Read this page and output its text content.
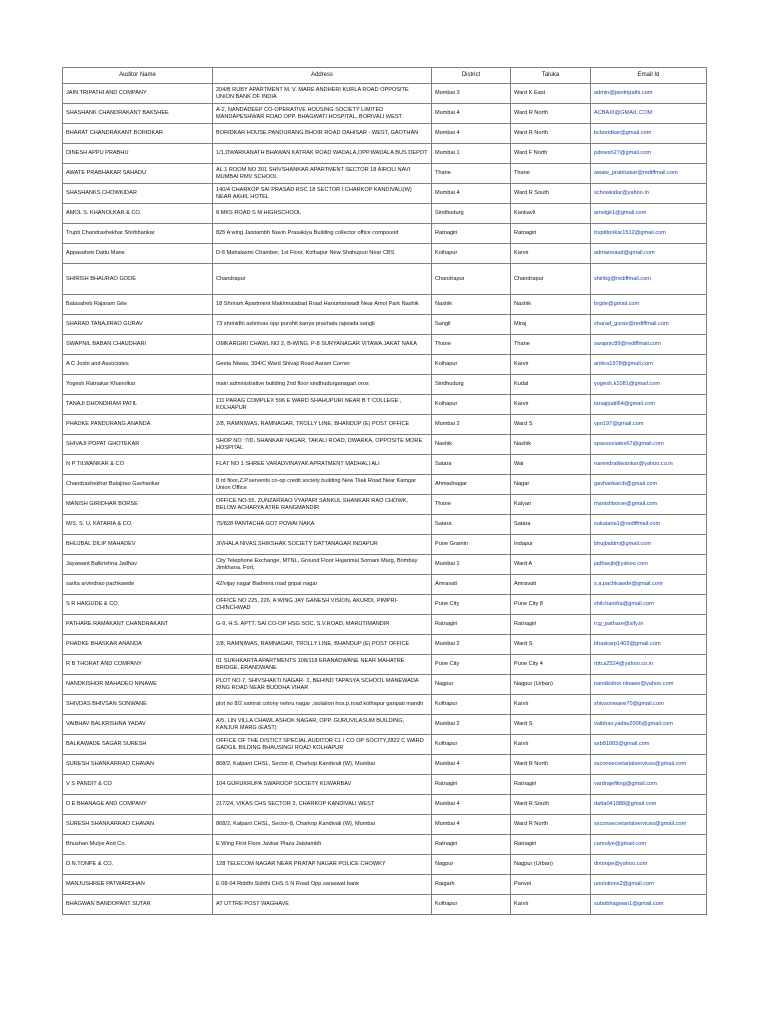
Auditor Name	Address	District	Taluka	Email Id
JAIN TRIPATHI AND COMPANY	204/B RUBY APARTMENT M. V. MARE ANDHERI KURLA ROAD OPPOSITE UNION BANK OF INDIA	Mumbai 3	Ward K East	admin@jaintripathi.com
SHASHANK CHANDRAKANT BAKSHEE	A-2, NANDADEEP CO-OPERATIVE HOUSING SOCIETY LIMITED MANDAPESHWAR ROAD OPP. BHAGWATI HOSPITAL, BORIVALI WEST	Mumbai 4	Ward R North	ACBAXI@GMAIL.COM
BHARAT CHANDRAKANT BORIDKAR	BORIDKAR HOUSE PANDURANG BHOIR ROAD DAHISAR - WEST, GAOTHAN	Mumbai 4	Ward R North	bcboridkar@gmail.com
DINESH APPU PRABHU	1/1,DWARKANATH BHAWAN KATRAK ROAD WADALA,OPP.WADALA BUS DEPOT	Mumbai 1	Ward F North	pdinesh27@gmail.com
AWATE PRABHAKAR SAHADU	AL 1 ROOM NO 301 SHIVSHANKAR APARTMENT SECTOR 18 AIROLI NAVI MUMBAI RMV SCHOOL	Thane	Thane	awate_prabhakar@rediffmail.com
SHASHANKS CHOWKIDAR	140/4 CHARKOP SAI PRASAD RSC 18 SECTOR I CHARKOP KANDIVALI(W) NEAR AKHIL HOTEL	Mumbai 4	Ward R South	schowkidar@yahoo.in
AMOL S. KHANOLKAR & CO.	8 MKS ROAD S M HIGHSCHOOL	Sindhudurg	Kankavli	amolgk1@gmail.com
Trupti Chandrashekhar Shirbhankar	825 A wing Jaistambh Navin Prasakiya Building collector office compound	Ratnagiri	Ratnagiri	truptiborkar1512@gmail.com
Appasaheb Dattu Mane	D-6 Mahalaxmi Chamber, 1st Floor, Kolhapur New Shahupuri Near CBS	Kolhapur	Karvir	admaneaud@gmail.com
SHIRISH BHAURAO GODE	Chandrapur	Chandrapur	Chandrapur	shiribg@rediffmail.com
Balasaheb Rajaram Gite	18 Shriram Apartment Makhmalabad Road Hanumanwadi Near Amol Park Nashik	Nashik	Nashik	brgite@gmail.com
SHARAD TANAJIRAO GURAV	73 shrinidhi ashnivas opp purohit kanya prashala rajwada sangli	Sangli	Miraj	sharad_gurav@rediffmail.com
SWAPNIL BABAN CHAUDHARI	OMKARGIRI CHAWL NO 2, B-WING, P-8 SURYANAGAR VITAWA JAKAT NAKA	Thane	Thane	swapnic89@rediffmail.com
A C Joshi and Associates	Geeta Niwas, 394/C Ward Shivaji Road Aaram Corner	Kolhapur	Karvir	anikra1978@gmail.com
Yogesh Ratnakar Khanolkar	main administrative building 2nd floor sindhudurganagari oros	Sindhudurg	Kudal	yogesh.k1081@gmail.com
TANAJI DHONDIRAM PATIL	111 PARAG COMPLEX 596 E WARD SHAHUPURI NEAR B T COLLEGE , KOLHAPUR	Kolhapur	Karvir	tanajipatil64@gmail.com
PHADKE PANDURANG ANANDA	2/8, RAMNIWAS, RAMNAGAR, TROLLY LINE, BHANDUP (E) POST OFFICE	Mumbai 2	Ward S	vpn197@gmail.com
SHIVAJI POPAT GHOTEKAR	SHOP NO :7/D, SHANKAR NAGAR, TAKALI ROAD, DWARKA, OPPOSITE MORE HOSPITAL	Nashik	Nashik	spassociates67@gmail.com
N P TILWANKAR & CO	FLAT NO 1 SHREE VARADVINAYAK APRATMENT MADHALI ALI	Satara	Wai	narendratilwankar@yahoo.co.in
Chandrashekhar Balajirao Gavhankar	8 rd floor,Z.P.servents co-op credit society building New Tilak Road Near Kamgar Union Office	Ahmadnagar	Nagar	gavhankarcb@gmail.com
MANISH GIRIDHAR BORSE	OFFICE NO-55, ZUNZARRAO VYAPARI SANKUL SHANKAR RAO CHOWK, BELOW ACHARYA ATRE RANGMANDIR	Thane	Kalyan	manishborse@gmail.com
M/S. S. U. KATARIA & CO.	75/828 PANTACHA GOT POWAI NAKA	Satara	Satara	sukataria1@rediffmail.com
BHUJBAL DILIP MAHADEV	JIVHALA NIVAS,SHIKSHAK SOCIETY DATTANAGAR INDAPUR	Pune Gramin	Indapur	bhujbaldm@gmail.com
Jayawant Balkrishna Jadhav	City Telephone Exchange, MTNL, Ground Floor Hajarimal Somani Marg, Bombay Jimkhana. Fort,	Mumbai 1	Ward A	jadhavjb@yahoo.com
sarita arvindrao pachkawde	42/vijay nagar Badnera road gopal nagar	Amravati	Amravati	s.a.pachkawde@gmail.com
S R HAIGUDE & CO.	OFFICE NO 225, 226, A WING JAY GANESH VISION, AKURDI, PIMPRI-CHINCHWAD	Pune City	Pune City 8	shilchandra@gmail.com
PATHARE RAMAKANT CHANDRAKANT	G-9, H.S. APTT, SAI CO-OP HSG SOC, S.V.ROAD, MARUTIMANDIR	Ratnagiri	Ratnagiri	rcg_pathare@sify.in
PHADKE BHASKAR ANANDA	2/8, RAMNIWAS, RAMNAGAR, TROLLY LINE, BHANDUP (E) POST OFFICE	Mumbai 2	Ward S	bhaskarp1403@gmail.com
R B THORAT AND COMPANY	01 SUKHKARTA APARTMENTS 108/118 ERANADWANE NEAR MAHATRE BRIDGE, ERANDWANE	Pune City	Pune City 4	rbtca2524@yahoo.co.in
NANDKISHOR MAHADEO NINAWE	PLOT NO.7, SHIVSHAKTI NAGAR- 2, BEHIND TAPASYA SCHOOL MANEWADA RING ROAD NEAR BUDDHA VIHAR	Nagpur	Nagpur (Urban)	nandkishor.ninawe@yahoo.com
SHIVDAS BHIVSAN SONWANE	plot no 8/2 samrat colony nehru nagar ,isolation hos.p.road kolhapur ganpati mandir	Kolhapur	Karvir	shivsonwane70@gmail.com
VAIBHAV BALKRISHNA YADAV	A/5, LIN VILLA CHAWL ASHOK NAGAR, OPP. GURUVILASUM BUILDING, KANJUR MARG (EAST)	Mumbai 2	Ward S	vaibhav.yadav2006@gmail.com
BALKAWADE SAGAR SURESH	OFFICE OF THE DISTICT SPECIAL AUDITOR CL I CO OP SOCITY,2822 C WARD GADGIL BILDING BHAUSINGI ROAD KOLHAPUR	Kolhapur	Karvir	ssb81883@gmail.com
SURESH SHANKARRAO CHAVAN	868/2, Kalpant CHSL, Sector-8, Charkop Kandivali (W), Mumbai	Mumbai 4	Ward R North	ssconsecretarialservices@gmail.com
V S PANDIT & CO	104 GURUKRUPA SWAROOP SOCIETY KUWARBAV	Ratnagiri	Ratnagiri	vardrajefiling@gmail.com
D E BHANAGE AND COMPANY	217/24, VIKAS CHS SECTOR 2, CHARKOP KANDIVALI WEST	Mumbai 4	Ward R South	datta041988@gmail.com
SURESH SHANKARRAO CHAVAN	868/2, Kalpant CHSL, Sector-8, Charkop Kandivali (W), Mumbai	Mumbai 4	Ward R North	ssconsecretarialservices@gmail.com
Bhushan Mulye And Co.	E Wing First Floor Javkar Plaza Jaistambh	Ratnagiri	Ratnagiri	camulye@gmail.com
D.N.TONPE & CO.	128 TELECOM NAGAR NEAR PRATAP NAGAR POLICE CHOWKY	Nagpur	Nagpur (Urban)	dntonpe@yahoo.com
MANJUSHREE PATWARDHAN	E 08-04 Riddhi Siddhi CHS S N Road Opp.saraswat bank	Raigarh	Panvel	uoolutions2@gmail.com
BHAGWAN BANDOPANT SUTAR	AT UTTRE POST WAGHAVE	Kolhapur	Karvir	sutarbhagwan1@gmail.com
